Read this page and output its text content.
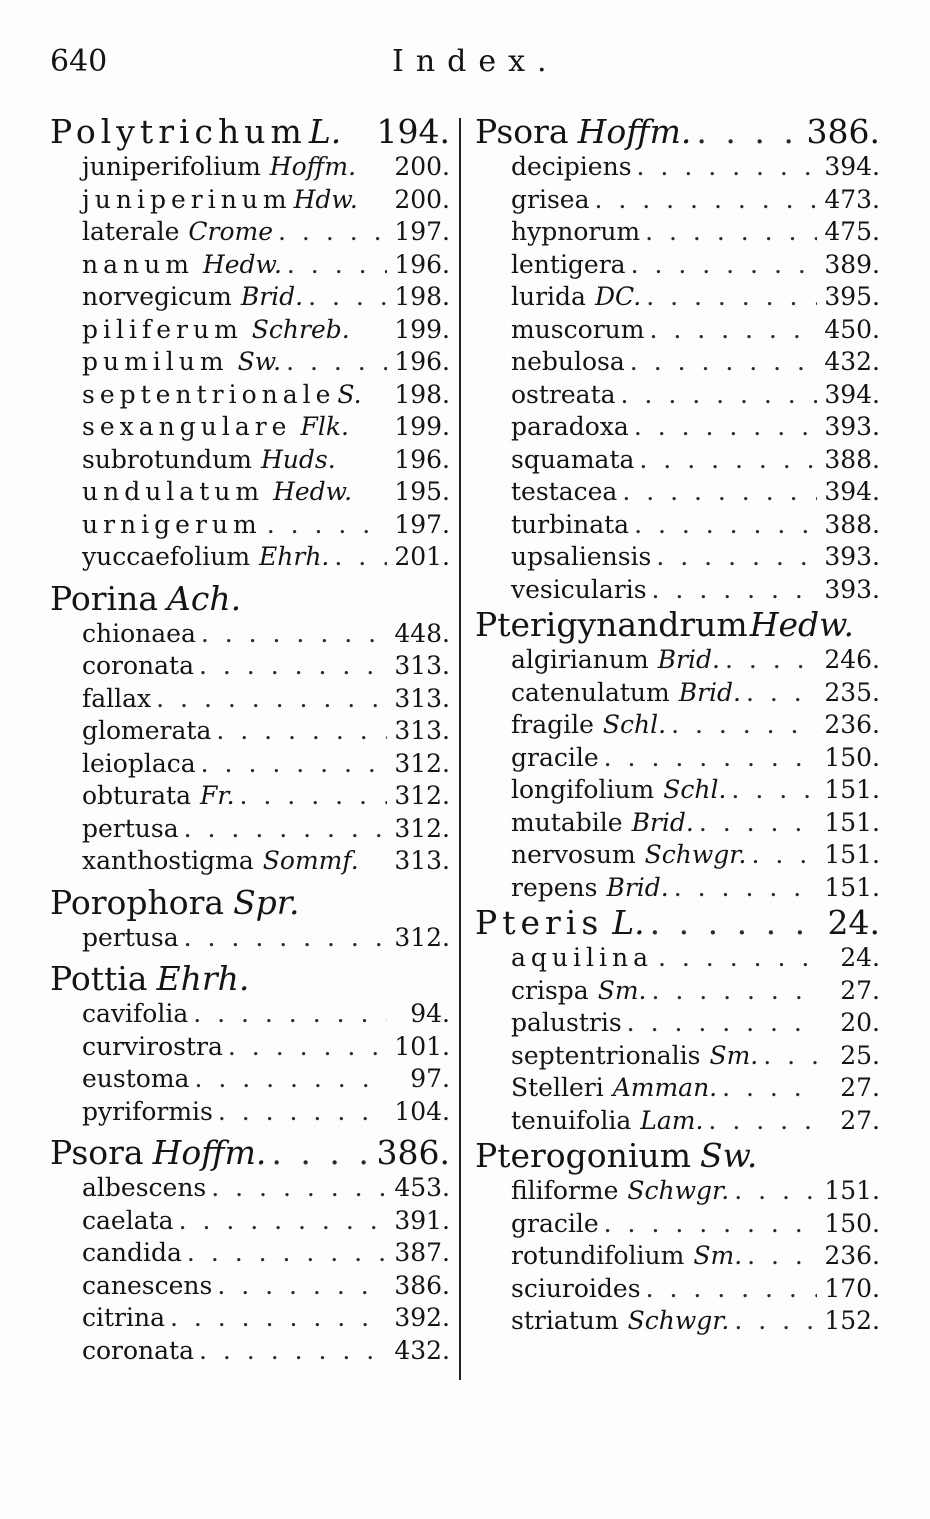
640	Index.
Polytrichum L. 194.
juniperifolium Hoffm. 200.
juniperinum Hdw. 200.
laterale Crome . . .	197.
nanum Hedw. . . .	196.
norvegicum Brid. . . .	198.
piliferum Schreb. 199.
pumilum Sw. . . .	196.
septentrionale S. 198.
sexangulare Flk. 199.
subrotundum Huds. 196.
undulatum Hedw. 195.
urnigerum . . .	197.
yuccaefolium Ehrh. . . .	201.
Porina Ach.
chionaea . . .	448.
coronata . . .	313.
fallax . . .	313.
glomerata . . .	313.
leioplaca . . .	312.
obturata Fr. . . .	312.
pertusa . . .	312.
xanthostigma Sommf. 313.
Porophora Spr.
pertusa . . .	312.
Pottia Ehrh.
cavifolia . . .	94.
curvirostra . . .	101.
eustoma . . .	97.
pyriformis . . .	104.
Psora Hoffm. . . .	386.
albescens . . .	453.
caelata . . .	391.
candida . . .	387.
canescens . . .	386.
citrina . . .	392.
coronata . . .	432.
Psora Hoffm. . . .	386.
decipiens . . .	394.
grisea . . .	473.
hypnorum . . .	475.
lentigera . . .	389.
lurida DC. . . .	395.
muscorum . . .	450.
nebulosa . . .	432.
ostreata . . .	394.
paradoxa . . .	393.
squamata . . .	388.
testacea . . .	394.
turbinata . . .	388.
upsaliensis . . .	393.
vesicularis . . .	393.
Pterigynandrum Hedw.
algirianum Brid. . . .	246.
catenulatum Brid. . . .	235.
fragile Schl. . . .	236.
gracile . . .	150.
longifolium Schl. . . .	151.
mutabile Brid. . . .	151.
nervosum Schwgr. . . .	151.
repens Brid. . . .	151.
Pteris L. . . .	24.
aquilina . . .	24.
crispa Sm. . . .	27.
palustris . . .	20.
septentrionalis Sm. . . .	25.
Stelleri Amman. . . .	27.
tenuifolia Lam. . . .	27.
Pterogonium Sw.
filiforme Schwgr. . . .	151.
gracile . . .	150.
rotundifolium Sm. . . .	236.
sciuroides . . .	170.
striatum Schwgr. . . .	152.
